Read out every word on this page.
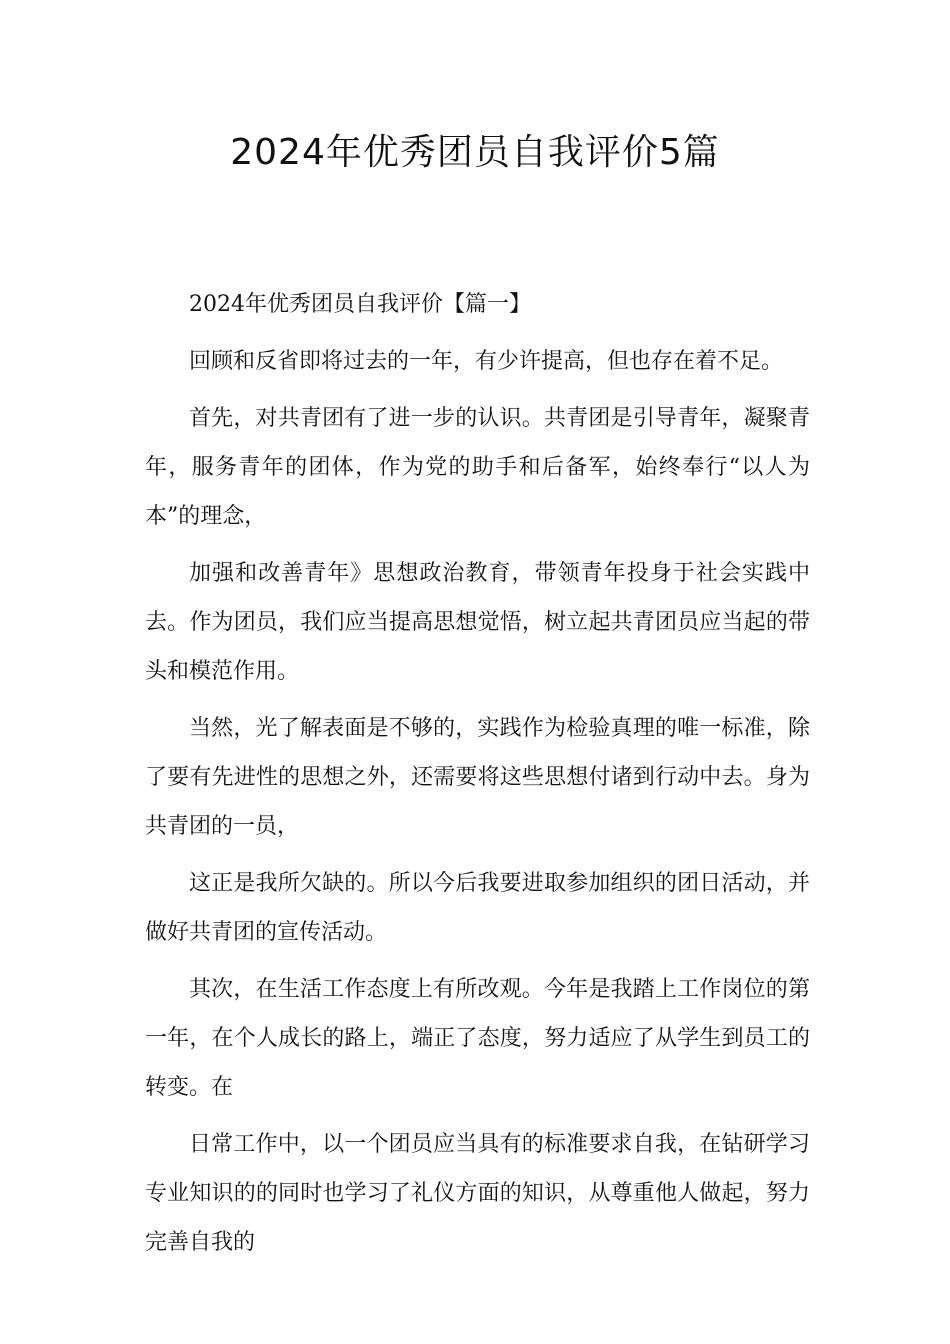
2024年优秀团员自我评价5篇

2024年优秀团员自我评价【篇一】

回顾和反省即将过去的一年，有少许提高，但也存在着不足。

首先，对共青团有了进一步的认识。共青团是引导青年，凝聚青年，服务青年的团体，作为党的助手和后备军，始终奉行“以人为本”的理念，

加强和改善青年》思想政治教育，带领青年投身于社会实践中去。作为团员，我们应当提高思想觉悟，树立起共青团员应当起的带头和模范作用。

当然，光了解表面是不够的，实践作为检验真理的唯一标准，除了要有先进性的思想之外，还需要将这些思想付诸到行动中去。身为共青团的一员，

这正是我所欠缺的。所以今后我要进取参加组织的团日活动，并做好共青团的宣传活动。

其次，在生活工作态度上有所改观。今年是我踏上工作岗位的第一年，在个人成长的路上，端正了态度，努力适应了从学生到员工的转变。在

日常工作中，以一个团员应当具有的标准要求自我，在钻研学习专业知识的的同时也学习了礼仪方面的知识，从尊重他人做起，努力完善自我的
